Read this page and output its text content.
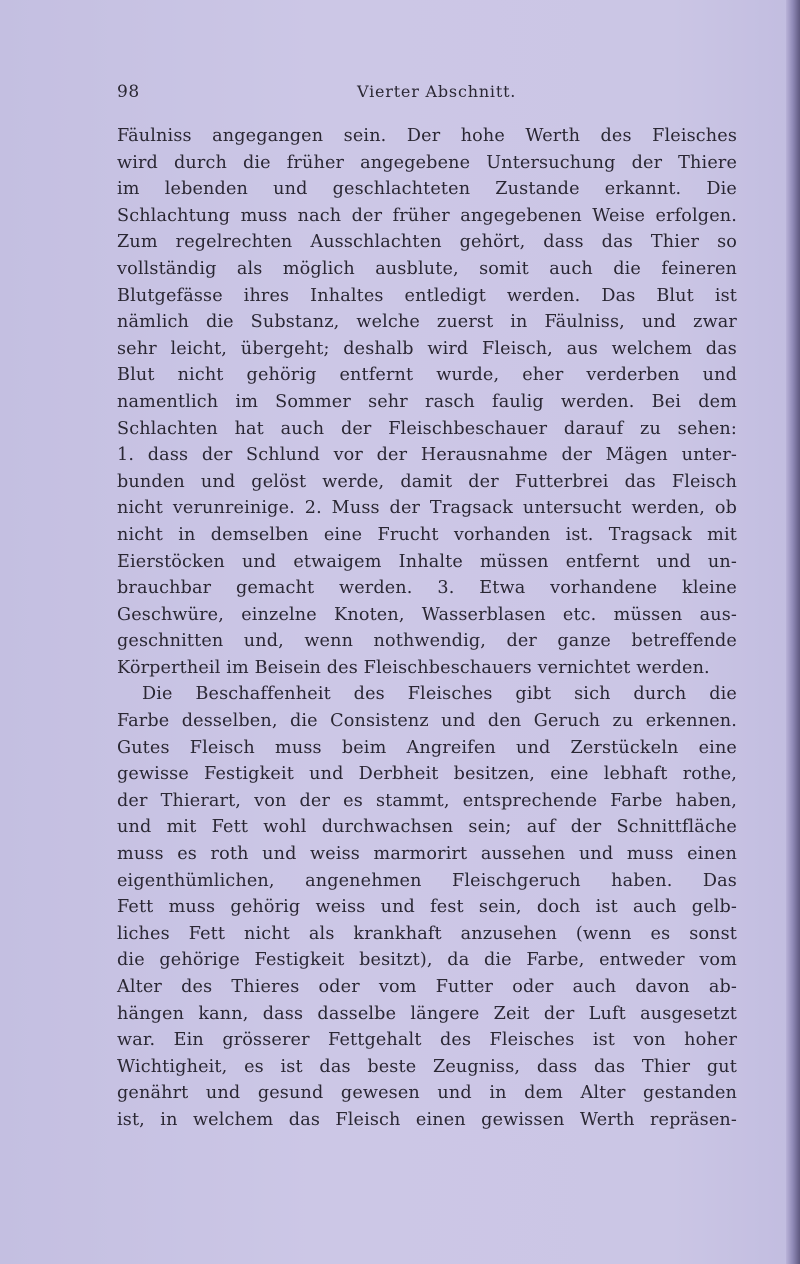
98	Vierter Abschnitt.
Fäulniss angegangen sein. Der hohe Werth des Fleisches
wird durch die früher angegebene Untersuchung der Thiere
im lebenden und geschlachteten Zustande erkannt. Die
Schlachtung muss nach der früher angegebenen Weise erfolgen.
Zum regelrechten Ausschlachten gehört, dass das Thier so
vollständig als möglich ausblute, somit auch die feineren
Blutgefässe ihres Inhaltes entledigt werden. Das Blut ist
nämlich die Substanz, welche zuerst in Fäulniss, und zwar
sehr leicht, übergeht; deshalb wird Fleisch, aus welchem das
Blut nicht gehörig entfernt wurde, eher verderben und
namentlich im Sommer sehr rasch faulig werden. Bei dem
Schlachten hat auch der Fleischbeschauer darauf zu sehen:
1. dass der Schlund vor der Herausnahme der Mägen unter-
bunden und gelöst werde, damit der Futterbrei das Fleisch
nicht verunreinige. 2. Muss der Tragsack untersucht werden, ob
nicht in demselben eine Frucht vorhanden ist. Tragsack mit
Eierstöcken und etwaigem Inhalte müssen entfernt und un-
brauchbar gemacht werden. 3. Etwa vorhandene kleine
Geschwüre, einzelne Knoten, Wasserblasen etc. müssen aus-
geschnitten und, wenn nothwendig, der ganze betreffende
Körpertheil im Beisein des Fleischbeschauers vernichtet werden.
Die Beschaffenheit des Fleisches gibt sich durch die
Farbe desselben, die Consistenz und den Geruch zu erkennen.
Gutes Fleisch muss beim Angreifen und Zerstückeln eine
gewisse Festigkeit und Derbheit besitzen, eine lebhaft rothe,
der Thierart, von der es stammt, entsprechende Farbe haben,
und mit Fett wohl durchwachsen sein; auf der Schnittfläche
muss es roth und weiss marmorirt aussehen und muss einen
eigenthümlichen, angenehmen Fleischgeruch haben. Das
Fett muss gehörig weiss und fest sein, doch ist auch gelb-
liches Fett nicht als krankhaft anzusehen (wenn es sonst
die gehörige Festigkeit besitzt), da die Farbe, entweder vom
Alter des Thieres oder vom Futter oder auch davon ab-
hängen kann, dass dasselbe längere Zeit der Luft ausgesetzt
war. Ein grösserer Fettgehalt des Fleisches ist von hoher
Wichtigheit, es ist das beste Zeugniss, dass das Thier gut
genährt und gesund gewesen und in dem Alter gestanden
ist, in welchem das Fleisch einen gewissen Werth repräsen-
